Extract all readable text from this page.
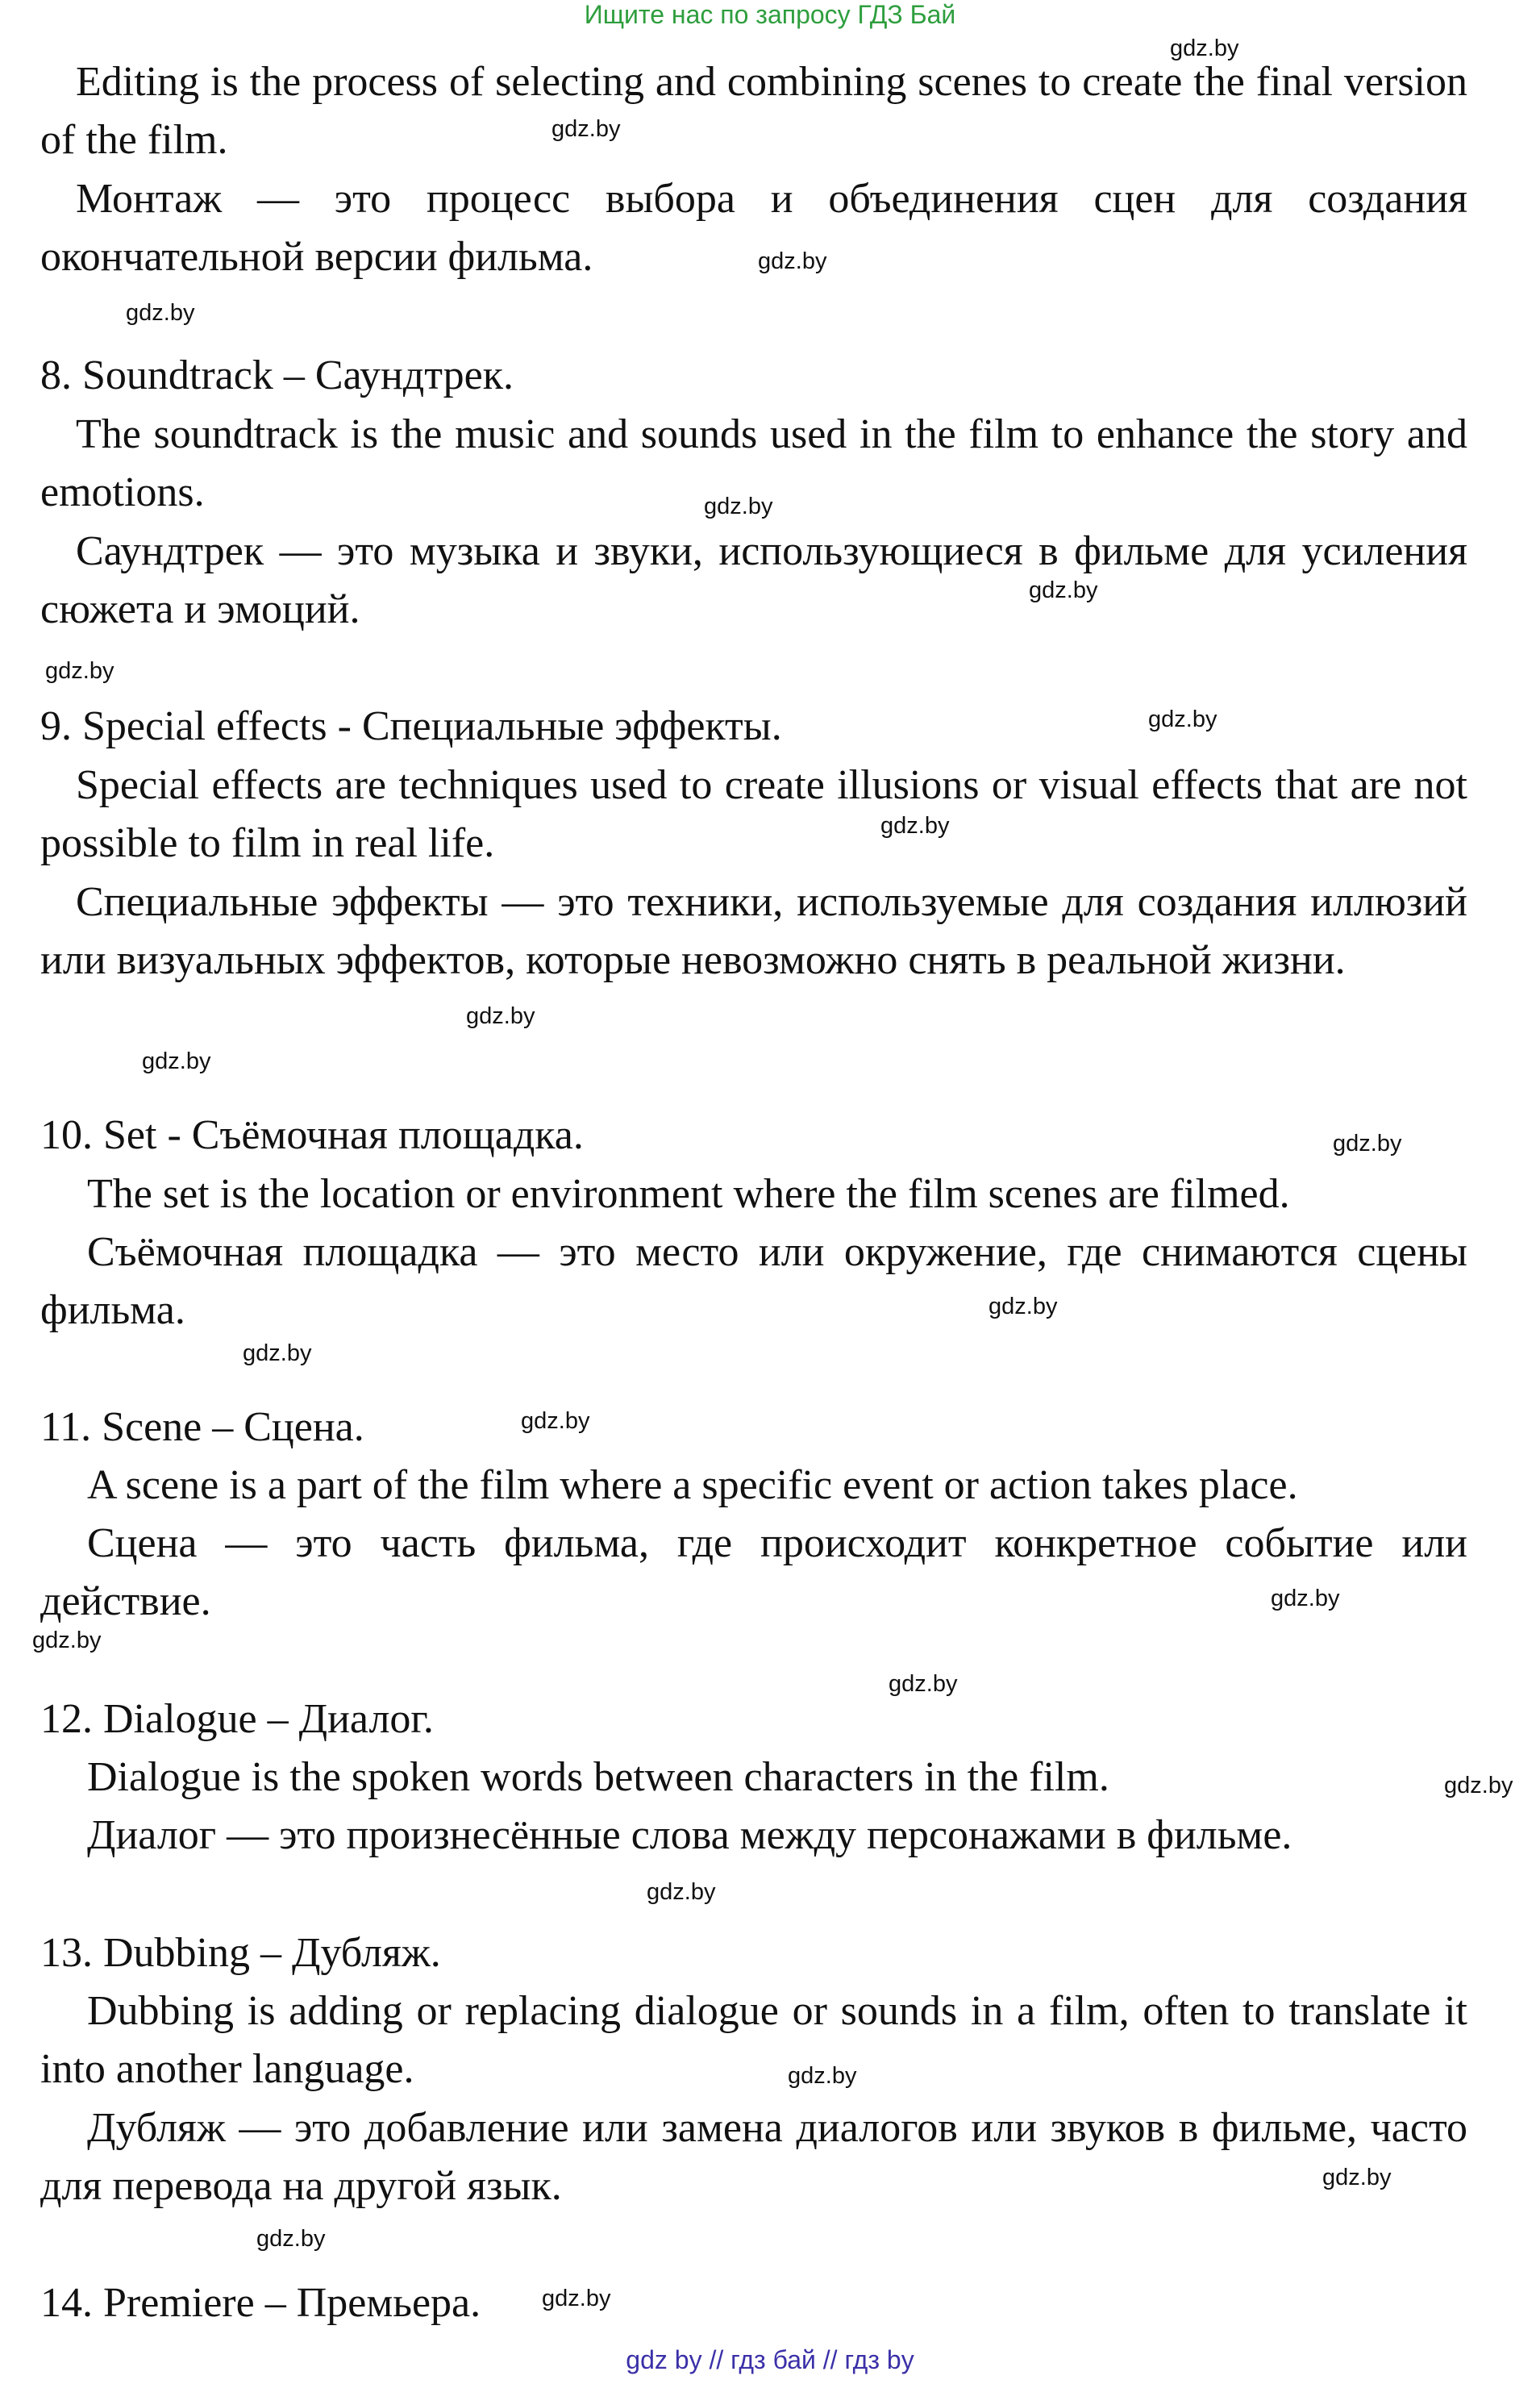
Ищите нас по запросу ГДЗ Бай

Editing is the process of selecting and combining scenes to create the final version of the film.

Монтаж — это процесс выбора и объединения сцен для создания окончательной версии фильма.

8. Soundtrack – Саундтрек.

The soundtrack is the music and sounds used in the film to enhance the story and emotions.

Саундтрек — это музыка и звуки, использующиеся в фильме для усиления сюжета и эмоций.

9. Special effects - Специальные эффекты.

Special effects are techniques used to create illusions or visual effects that are not possible to film in real life.

Специальные эффекты — это техники, используемые для создания иллюзий или визуальных эффектов, которые невозможно снять в реальной жизни.

10. Set - Съёмочная площадка.

The set is the location or environment where the film scenes are filmed.

Съёмочная площадка — это место или окружение, где снимаются сцены фильма.

11. Scene – Сцена.

A scene is a part of the film where a specific event or action takes place.

Сцена — это часть фильма, где происходит конкретное событие или действие.

12. Dialogue – Диалог.

Dialogue is the spoken words between characters in the film.

Диалог — это произнесённые слова между персонажами в фильме.

13. Dubbing – Дубляж.

Dubbing is adding or replacing dialogue or sounds in a film, often to translate it into another language.

Дубляж — это добавление или замена диалогов или звуков в фильме, часто для перевода на другой язык.

14. Premiere – Премьера.

gdz.by
gdz.by
gdz.by
gdz.by
gdz.by
gdz.by
gdz.by
gdz.by
gdz.by
gdz.by
gdz.by
gdz.by
gdz.by
gdz.by
gdz.by
gdz.by
gdz.by
gdz.by
gdz.by
gdz.by
gdz.by
gdz.by
gdz.by
gdz.by
gdz by // гдз бай // гдз by
